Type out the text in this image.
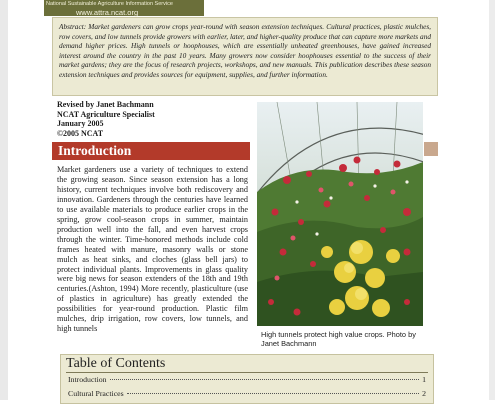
National Sustainable Agriculture Information Service
www.attra.ncat.org
Abstract: Market gardeners can grow crops year-round with season extension techniques. Cultural practices, plastic mulches, row covers, and low tunnels provide growers with earlier, later, and higher-quality produce that can capture more markets and demand higher prices. High tunnels or hoophouses, which are essentially unheated greenhouses, have gained increased interest around the country in the past 10 years. Many growers now consider hoophouses essential to the success of their market gardens; they are the focus of research projects, workshops, and new manuals. This publication describes these season extension techniques and provides sources for equipment, supplies, and further information.
Revised by Janet Bachmann
NCAT Agriculture Specialist
January 2005
©2005 NCAT
Introduction
Market gardeners use a variety of techniques to extend the growing season. Since season extension has a long history, current techniques involve both rediscovery and innovation. Gardeners through the centuries have learned to use available materials to produce earlier crops in the spring, grow cool-season crops in summer, maintain production well into the fall, and even harvest crops through the winter. Time-honored methods include cold frames heated with manure, masonry walls or stone mulch as heat sinks, and cloches (glass bell jars) to protect individual plants. Improvements in glass quality were big news for season extenders of the 18th and 19th centuries.(Ashton, 1994) More recently, plasticulture (use of plastics in agriculture) has greatly extended the possibilities for year-round production. Plastic film mulches, drip irrigation, row covers, low tunnels, and high tunnels
High tunnels protect high value crops. Photo by Janet Bachmann
Table of Contents
Introduction	1
Cultural Practices	2
